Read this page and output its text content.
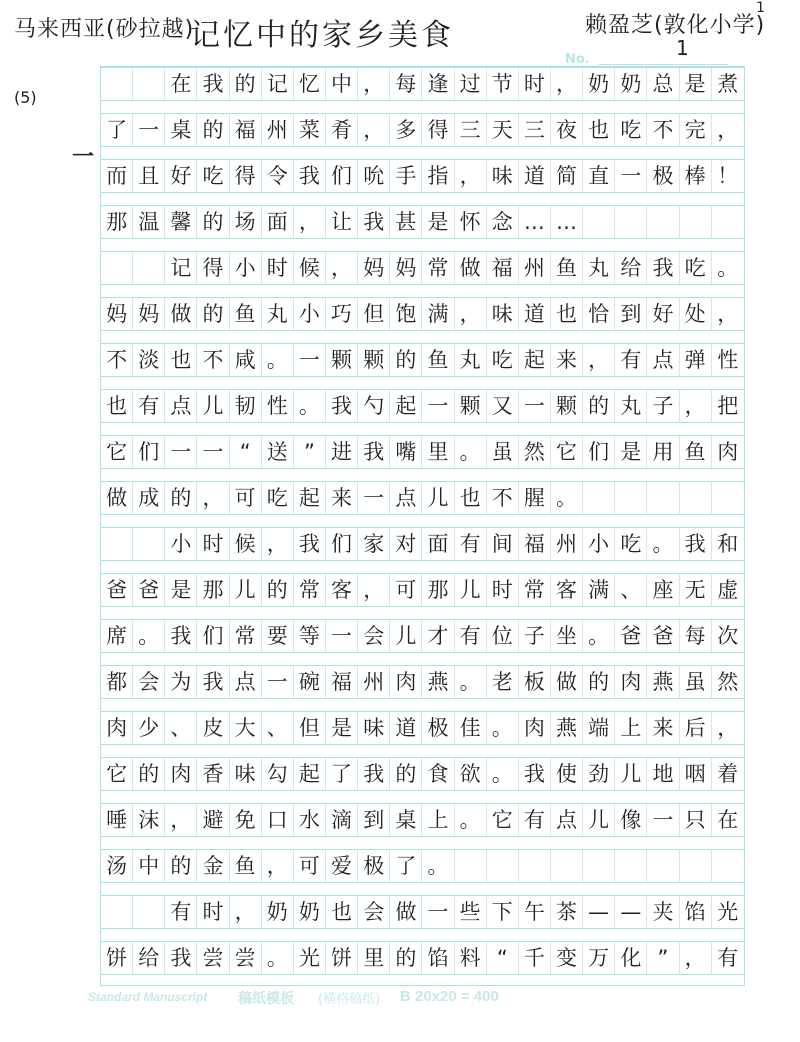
马来西亚(砂拉越)
记忆中的家乡美食	赖盈芝(敦化小学)
1
No.	1
(5)
一
在 我 的 记 忆 中 ， 每 逢 过 节 时 ， 奶 奶 总 是 煮
了 一 桌 的 福 州 菜 肴 ， 多 得 三 天 三 夜 也 吃 不 完 ，
而 且 好 吃 得 令 我 们 吮 手 指 ， 味 道 简 直 一 极 棒 ！
那 温 馨 的 场 面 ， 让 我 甚 是 怀 念 … …
记 得 小 时 候 ， 妈 妈 常 做 福 州 鱼 丸 给 我 吃 。
妈 妈 做 的 鱼 丸 小 巧 但 饱 满 ， 味 道 也 恰 到 好 处 ，
不 淡 也 不 咸 。 一 颗 颗 的 鱼 丸 吃 起 来 ， 有 点 弹 性
也 有 点 儿 韧 性 。 我 勺 起 一 颗 又 一 颗 的 丸 子 ， 把
它 们 一 一 “ 送 ” 进 我 嘴 里 。 虽 然 它 们 是 用 鱼 肉
做 成 的 ， 可 吃 起 来 一 点 儿 也 不 腥 。
小 时 候 ， 我 们 家 对 面 有 间 福 州 小 吃 。 我 和
爸 爸 是 那 儿 的 常 客 ， 可 那 儿 时 常 客 满 、 座 无 虚
席 。 我 们 常 要 等 一 会 儿 才 有 位 子 坐 。 爸 爸 每 次
都 会 为 我 点 一 碗 福 州 肉 燕 。 老 板 做 的 肉 燕 虽 然
肉 少 、 皮 大 、 但 是 味 道 极 佳 。 肉 燕 端 上 来 后 ，
它 的 肉 香 味 勾 起 了 我 的 食 欲 。 我 使 劲 儿 地 咽 着
唾 沫 ， 避 免 口 水 滴 到 桌 上 。 它 有 点 儿 像 一 只 在
汤 中 的 金 鱼 ， 可 爱 极 了 。
有 时 ， 奶 奶 也 会 做 一 些 下 午 茶 — — 夹 馅 光
饼 给 我 尝 尝 。 光 饼 里 的 馅 料 “ 千 变 万 化 ” ， 有
Standard Manuscript 稿纸模板 (横格稿纸) B 20x20 = 400
